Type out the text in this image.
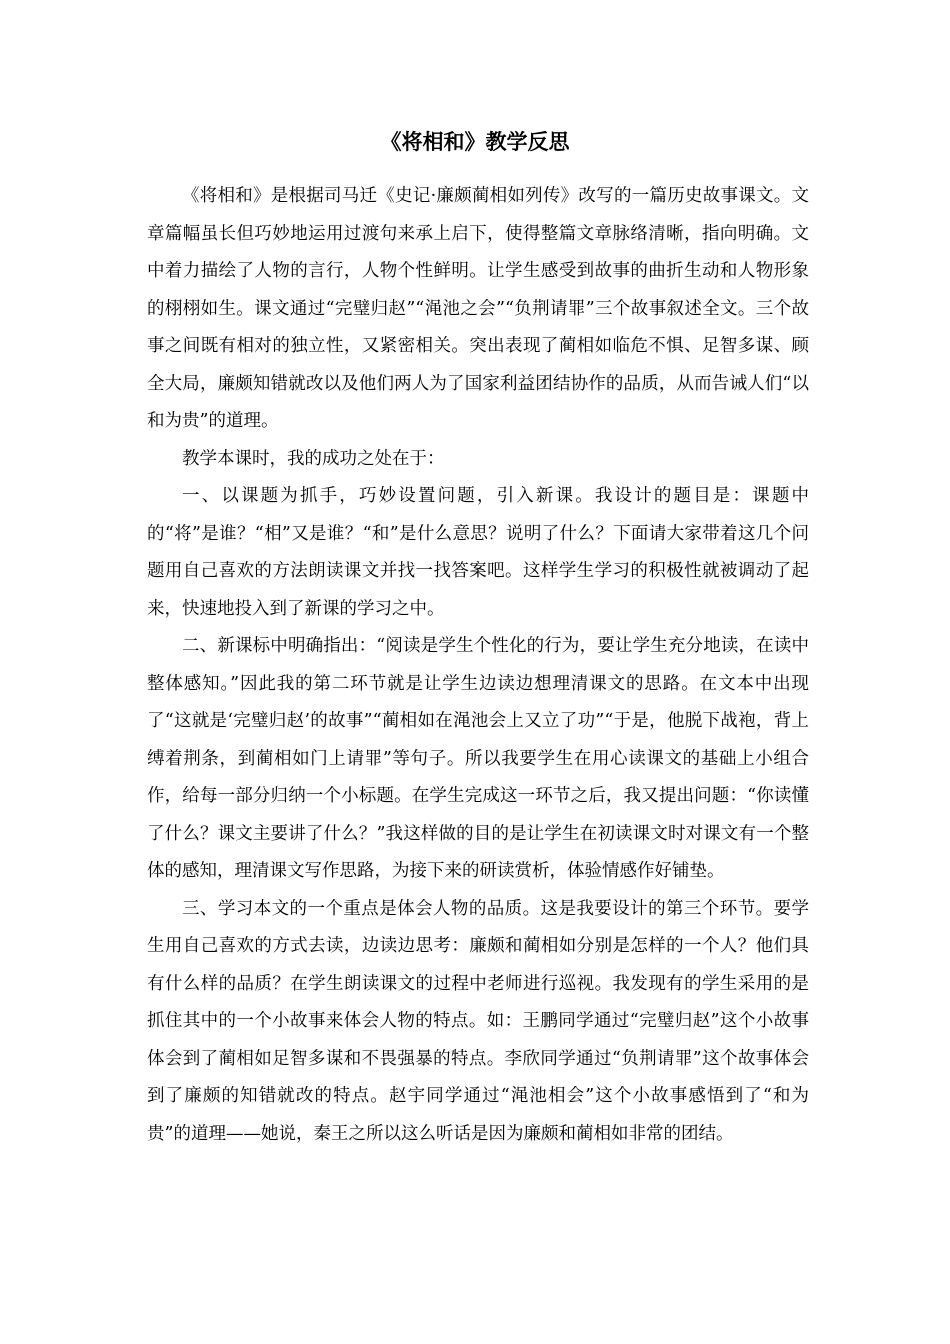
《将相和》教学反思

《将相和》是根据司马迁《史记·廉颇蔺相如列传》改写的一篇历史故事课文。文章篇幅虽长但巧妙地运用过渡句来承上启下，使得整篇文章脉络清晰，指向明确。文中着力描绘了人物的言行，人物个性鲜明。让学生感受到故事的曲折生动和人物形象的栩栩如生。课文通过“完璧归赵”“渑池之会”“负荆请罪”三个故事叙述全文。三个故事之间既有相对的独立性，又紧密相关。突出表现了蔺相如临危不惧、足智多谋、顾全大局，廉颇知错就改以及他们两人为了国家利益团结协作的品质，从而告诫人们“以和为贵”的道理。

教学本课时，我的成功之处在于：

一、以课题为抓手，巧妙设置问题，引入新课。我设计的题目是：课题中的“将”是谁？“相”又是谁？“和”是什么意思？说明了什么？下面请大家带着这几个问题用自己喜欢的方法朗读课文并找一找答案吧。这样学生学习的积极性就被调动了起来，快速地投入到了新课的学习之中。

二、新课标中明确指出：“阅读是学生个性化的行为，要让学生充分地读，在读中整体感知。”因此我的第二环节就是让学生边读边想理清课文的思路。在文本中出现了“这就是‘完璧归赵’的故事”“蔺相如在渑池会上又立了功”“于是，他脱下战袍，背上缚着荆条，到蔺相如门上请罪”等句子。所以我要学生在用心读课文的基础上小组合作，给每一部分归纳一个小标题。在学生完成这一环节之后，我又提出问题：“你读懂了什么？课文主要讲了什么？”我这样做的目的是让学生在初读课文时对课文有一个整体的感知，理清课文写作思路，为接下来的研读赏析，体验情感作好铺垫。

三、学习本文的一个重点是体会人物的品质。这是我要设计的第三个环节。要学生用自己喜欢的方式去读，边读边思考：廉颇和蔺相如分别是怎样的一个人？他们具有什么样的品质？在学生朗读课文的过程中老师进行巡视。我发现有的学生采用的是抓住其中的一个小故事来体会人物的特点。如：王鹏同学通过“完璧归赵”这个小故事体会到了蔺相如足智多谋和不畏强暴的特点。李欣同学通过“负荆请罪”这个故事体会到了廉颇的知错就改的特点。赵宇同学通过“渑池相会”这个小故事感悟到了“和为贵”的道理——她说，秦王之所以这么听话是因为廉颇和蔺相如非常的团结。
